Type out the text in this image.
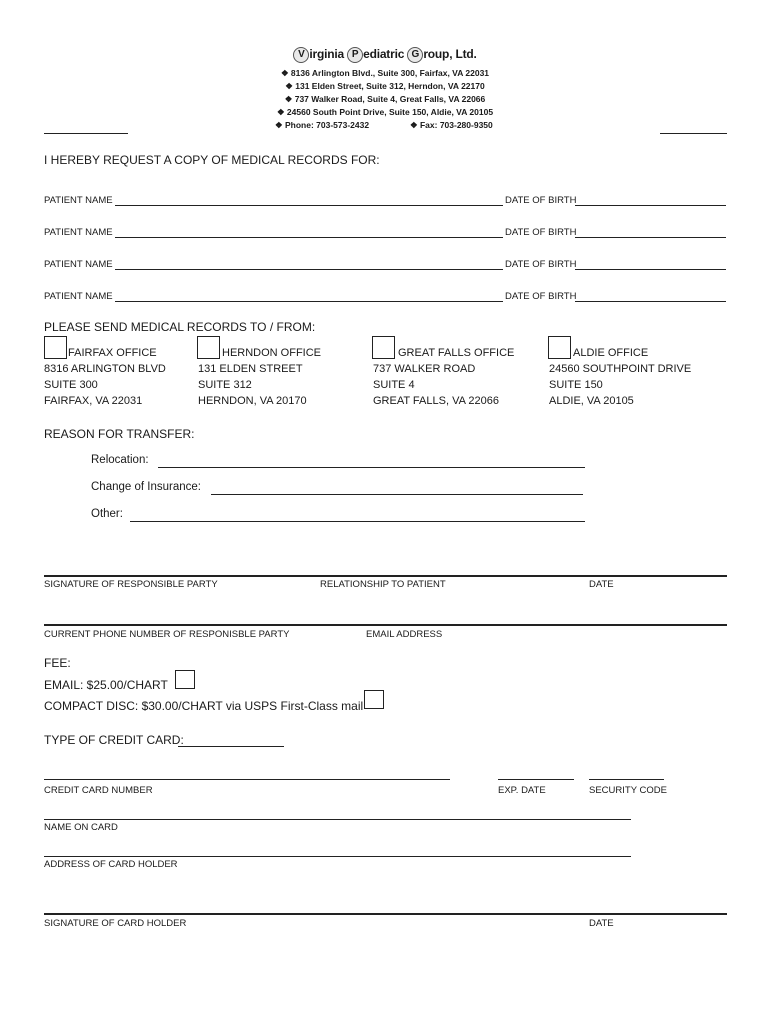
V irginia P ediatric G roup, Ltd.
❖ 8136 Arlington Blvd., Suite 300, Fairfax, VA 22031
❖ 131 Elden Street, Suite 312, Herndon, VA 22170
❖ 737 Walker Road, Suite 4, Great Falls, VA 22066
❖ 24560 South Point Drive, Suite 150, Aldie, VA 20105
❖ Phone: 703-573-2432	❖ Fax: 703-280-9350
I HEREBY REQUEST A COPY OF MEDICAL RECORDS FOR:
PATIENT NAME	DATE OF BIRTH
PATIENT NAME	DATE OF BIRTH
PATIENT NAME	DATE OF BIRTH
PATIENT NAME	DATE OF BIRTH
PLEASE SEND MEDICAL RECORDS TO / FROM:
FAIRFAX OFFICE
8316 ARLINGTON BLVD
SUITE 300
FAIRFAX, VA 22031
HERNDON OFFICE
131 ELDEN STREET
SUITE 312
HERNDON, VA 20170
GREAT FALLS OFFICE
737 WALKER ROAD
SUITE 4
GREAT FALLS, VA 22066
ALDIE OFFICE
24560 SOUTHPOINT DRIVE
SUITE 150
ALDIE, VA 20105
REASON FOR TRANSFER:
Relocation:
Change of Insurance:
Other:
SIGNATURE OF RESPONSIBLE PARTY	RELATIONSHIP TO PATIENT	DATE
CURRENT PHONE NUMBER OF RESPONISBLE PARTY	EMAIL ADDRESS
FEE:
EMAIL: $25.00/CHART
COMPACT DISC: $30.00/CHART via USPS First-Class mail
TYPE OF CREDIT CARD:
CREDIT CARD NUMBER	EXP. DATE	SECURITY CODE
NAME ON CARD
ADDRESS OF CARD HOLDER
SIGNATURE OF CARD HOLDER	DATE
